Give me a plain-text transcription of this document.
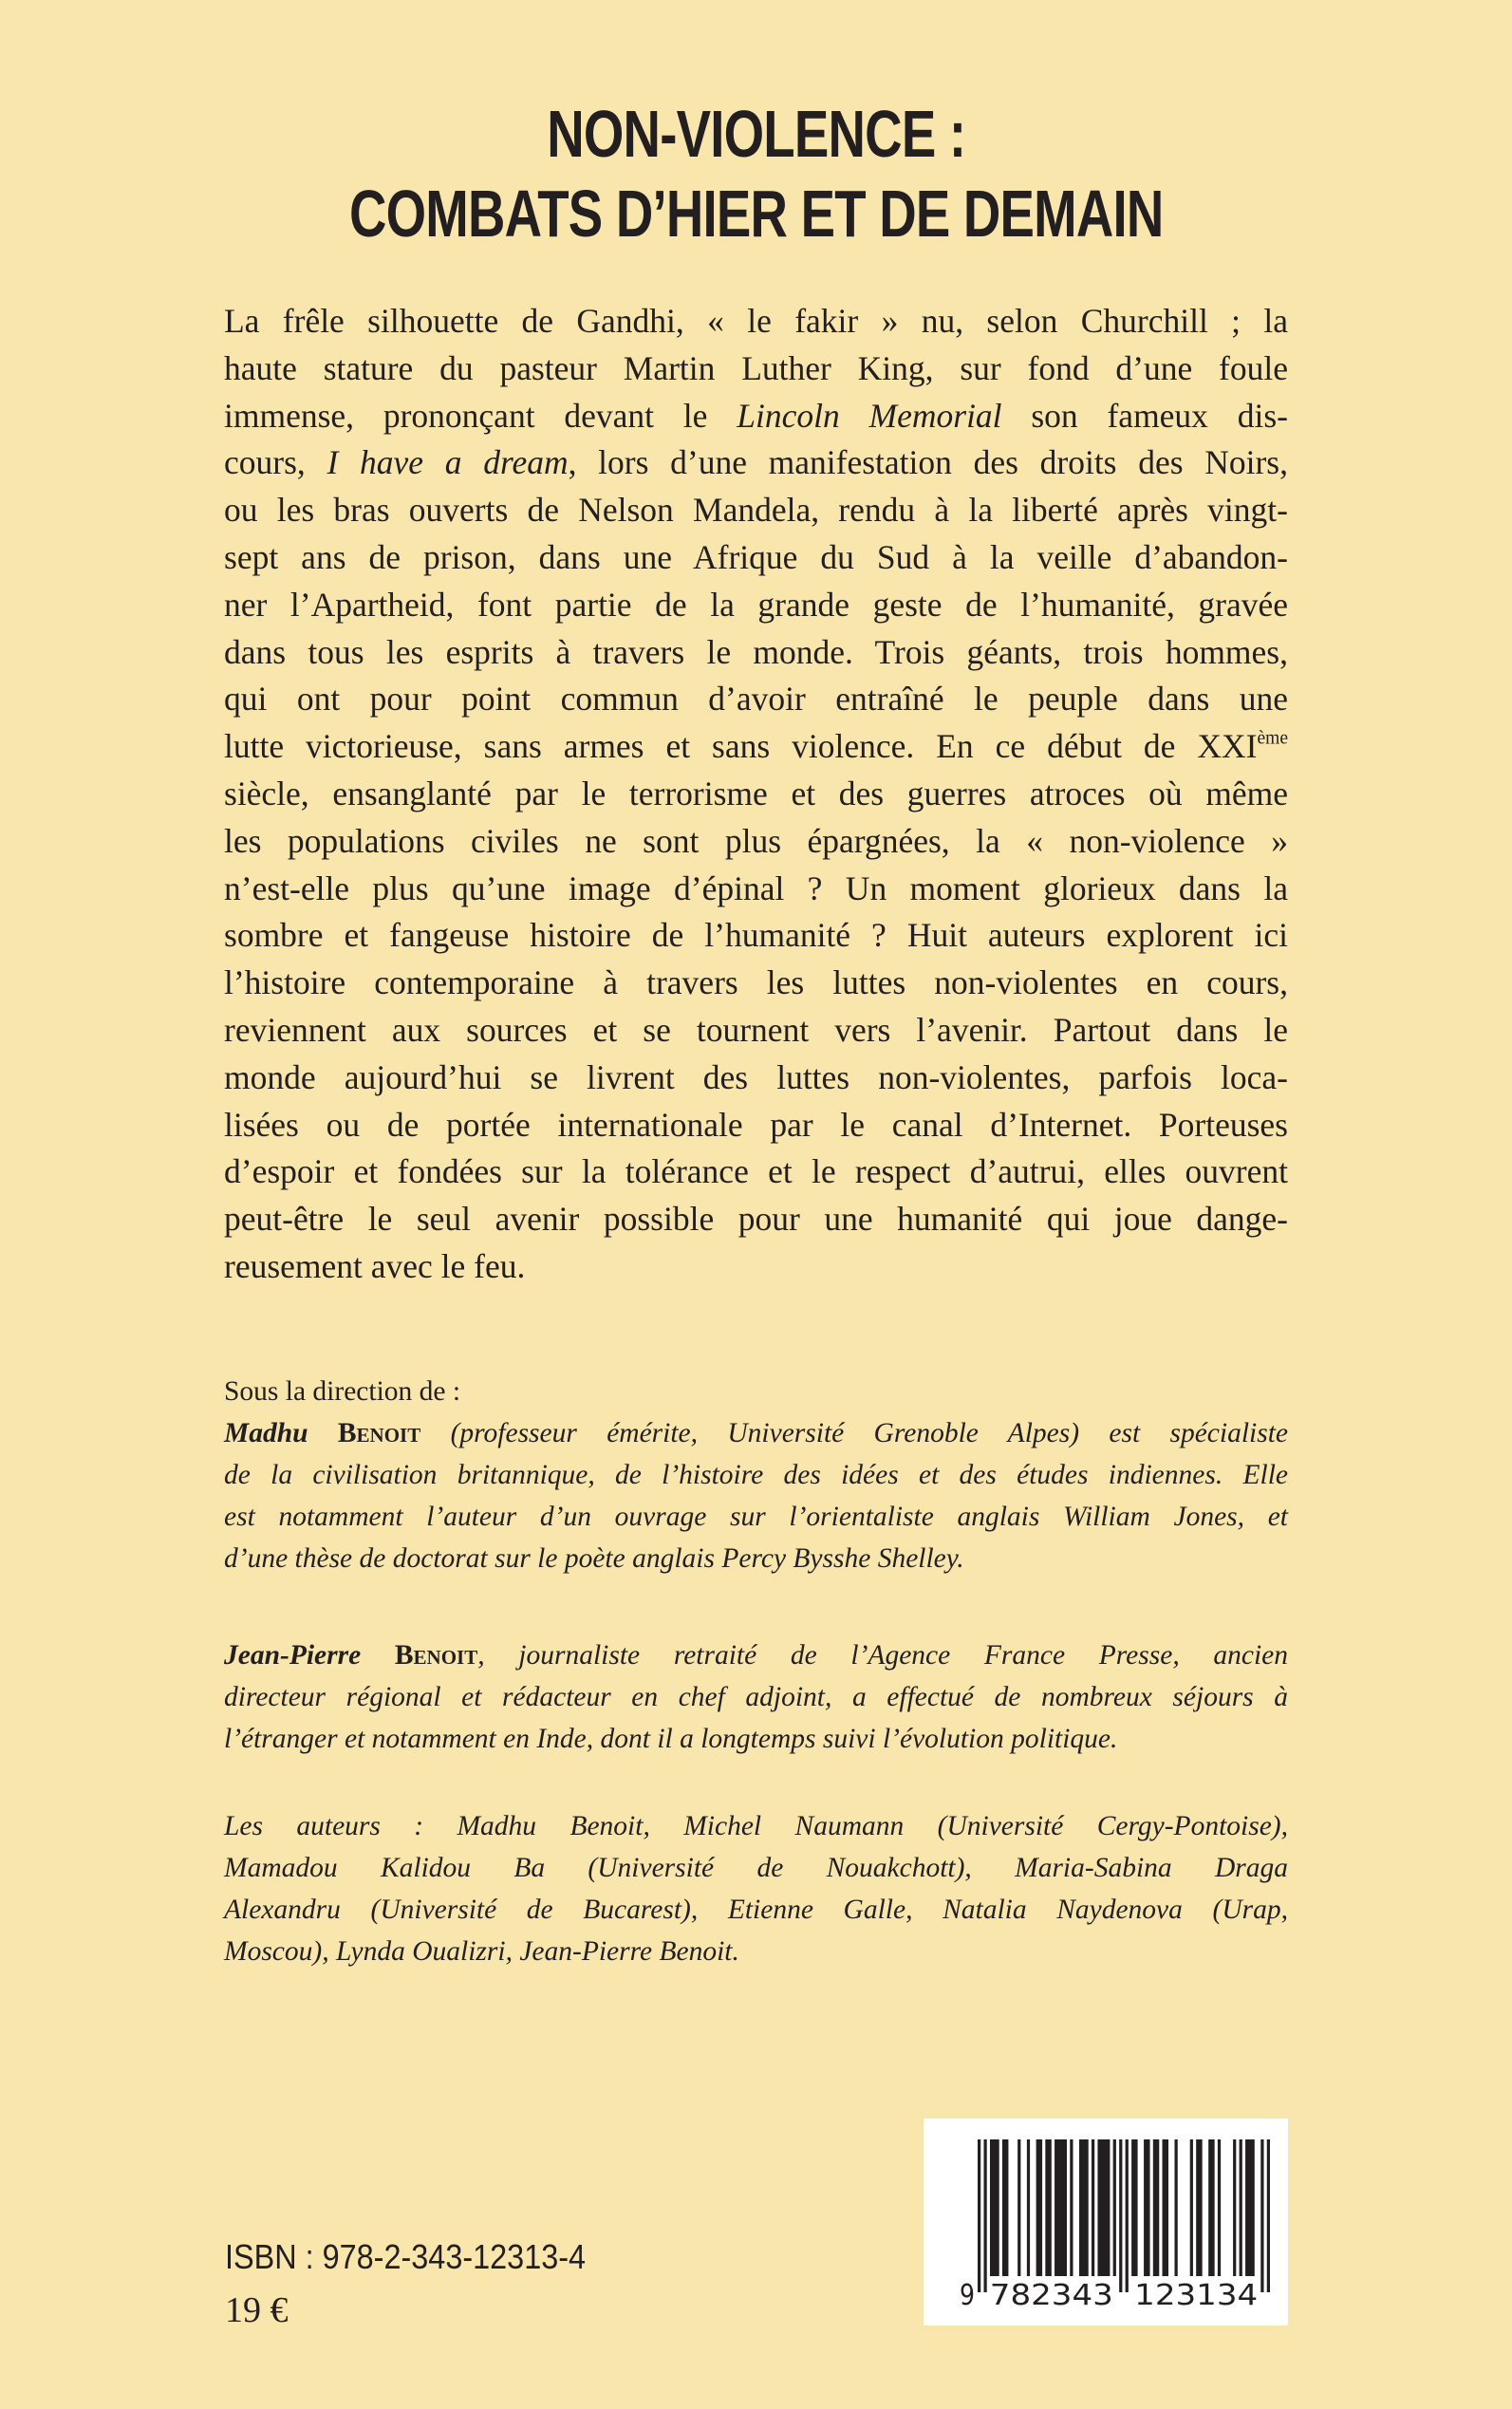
NON-VIOLENCE :
COMBATS D’HIER ET DE DEMAIN
La frêle silhouette de Gandhi, « le fakir » nu, selon Churchill ; la
haute stature du pasteur Martin Luther King, sur fond d’une foule
immense, prononçant devant le Lincoln Memorial son fameux dis-
cours, I have a dream, lors d’une manifestation des droits des Noirs,
ou les bras ouverts de Nelson Mandela, rendu à la liberté après vingt-
sept ans de prison, dans une Afrique du Sud à la veille d’abandon-
ner l’Apartheid, font partie de la grande geste de l’humanité, gravée
dans tous les esprits à travers le monde. Trois géants, trois hommes,
qui ont pour point commun d’avoir entraîné le peuple dans une
lutte victorieuse, sans armes et sans violence. En ce début de XXIème
siècle, ensanglanté par le terrorisme et des guerres atroces où même
les populations civiles ne sont plus épargnées, la « non-violence »
n’est-elle plus qu’une image d’épinal ? Un moment glorieux dans la
sombre et fangeuse histoire de l’humanité ? Huit auteurs explorent ici
l’histoire contemporaine à travers les luttes non-violentes en cours,
reviennent aux sources et se tournent vers l’avenir. Partout dans le
monde aujourd’hui se livrent des luttes non-violentes, parfois loca-
lisées ou de portée internationale par le canal d’Internet. Porteuses
d’espoir et fondées sur la tolérance et le respect d’autrui, elles ouvrent
peut-être le seul avenir possible pour une humanité qui joue dange-
reusement avec le feu.
Sous la direction de :
Madhu Benoit (professeur émérite, Université Grenoble Alpes) est spécialiste
de la civilisation britannique, de l’histoire des idées et des études indiennes. Elle
est notamment l’auteur d’un ouvrage sur l’orientaliste anglais William Jones, et
d’une thèse de doctorat sur le poète anglais Percy Bysshe Shelley.
Jean-Pierre Benoit, journaliste retraité de l’Agence France Presse, ancien
directeur régional et rédacteur en chef adjoint, a effectué de nombreux séjours à
l’étranger et notamment en Inde, dont il a longtemps suivi l’évolution politique.
Les auteurs : Madhu Benoit, Michel Naumann (Université Cergy-Pontoise),
Mamadou Kalidou Ba (Université de Nouakchott), Maria-Sabina Draga
Alexandru (Université de Bucarest), Etienne Galle, Natalia Naydenova (Urap,
Moscou), Lynda Oualizri, Jean-Pierre Benoit.
ISBN : 978-2-343-12313-4
19 €	9 782343 123134
